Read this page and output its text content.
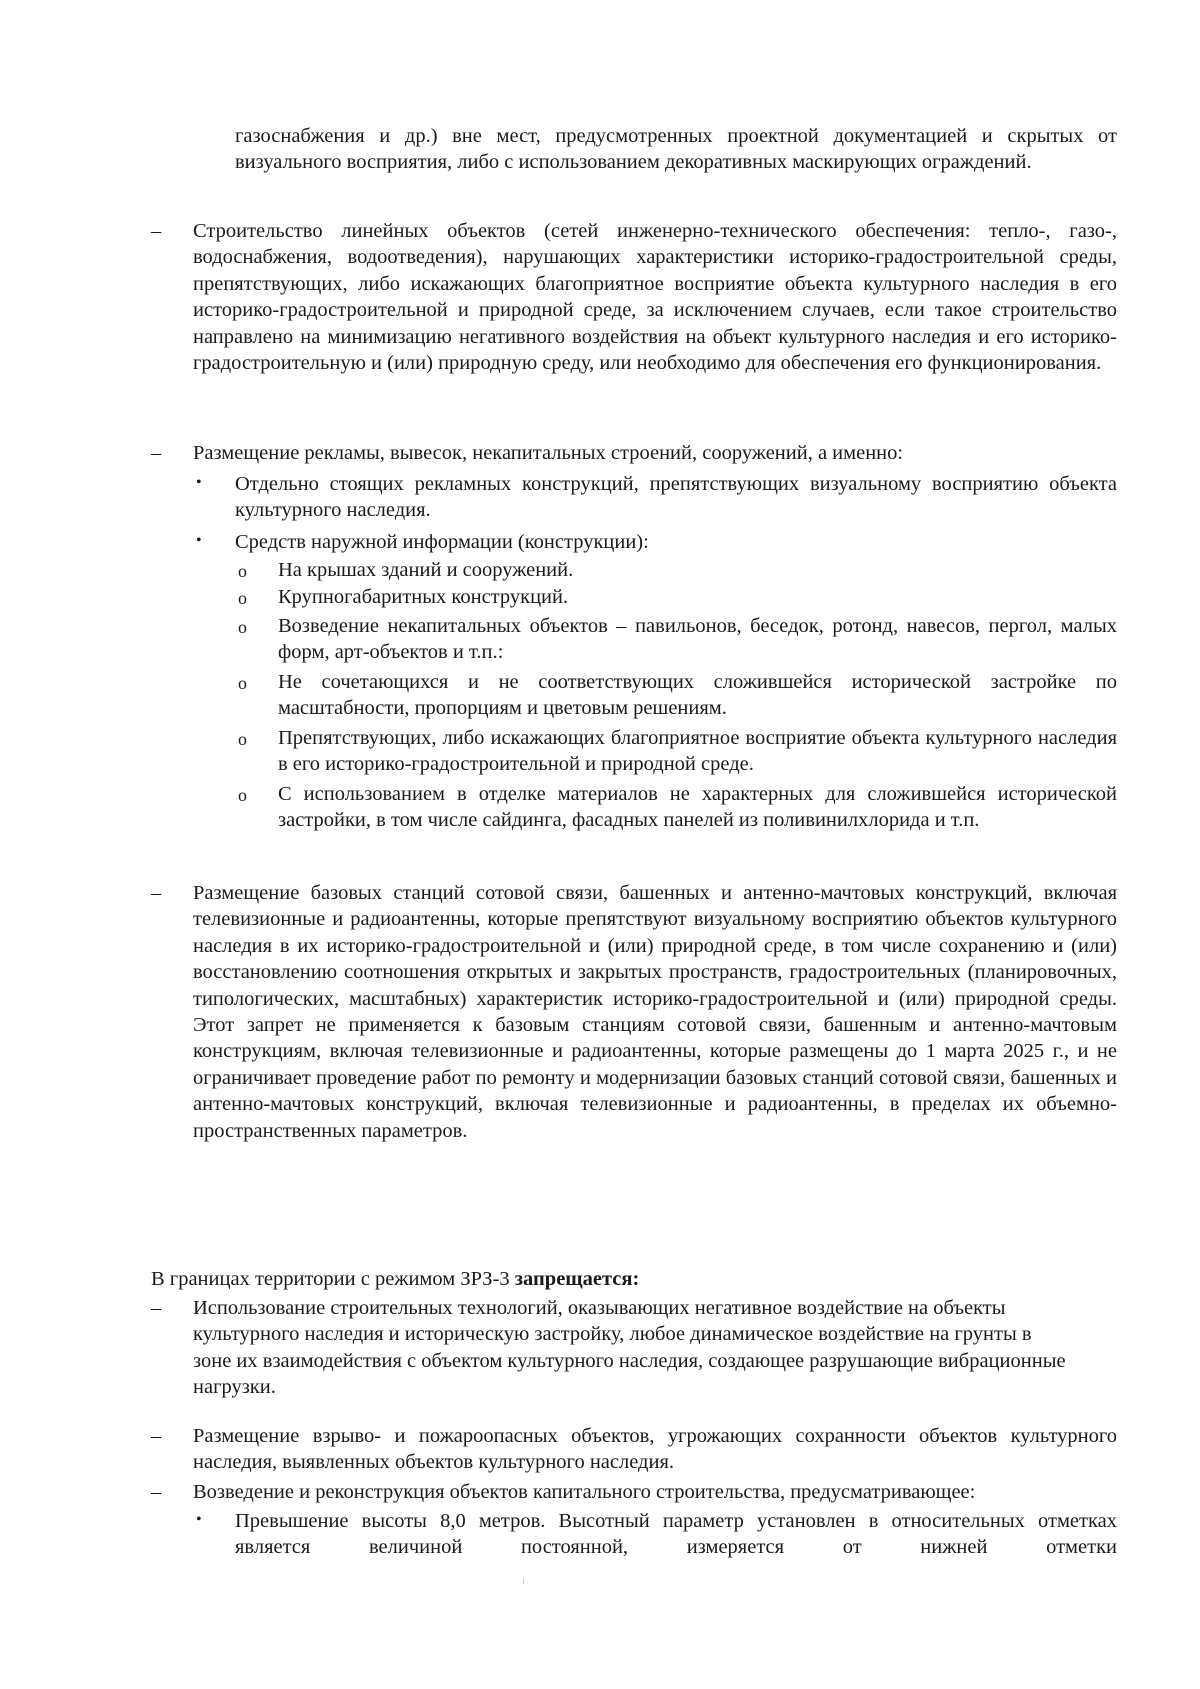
газоснабжения и др.) вне мест, предусмотренных проектной документацией и скрытых от визуального восприятия, либо с использованием декоративных маскирующих ограждений.

– Строительство линейных объектов (сетей инженерно-технического обеспечения: тепло-, газо-, водоснабжения, водоотведения), нарушающих характеристики историко-градостроительной среды, препятствующих, либо искажающих благоприятное восприятие объекта культурного наследия в его историко-градостроительной и природной среде, за исключением случаев, если такое строительство направлено на минимизацию негативного воздействия на объект культурного наследия и его историко-градостроительную и (или) природную среду, или необходимо для обеспечения его функционирования.

– Размещение рекламы, вывесок, некапитальных строений, сооружений, а именно:

• Отдельно стоящих рекламных конструкций, препятствующих визуальному восприятию объекта культурного наследия.

• Средств наружной информации (конструкции):

o На крышах зданий и сооружений.

o Крупногабаритных конструкций.

o Возведение некапитальных объектов – павильонов, беседок, ротонд, навесов, пергол, малых форм, арт-объектов и т.п.:

o Не сочетающихся и не соответствующих сложившейся исторической застройке по масштабности, пропорциям и цветовым решениям.

o Препятствующих, либо искажающих благоприятное восприятие объекта культурного наследия в его историко-градостроительной и природной среде.

o С использованием в отделке материалов не характерных для сложившейся исторической застройки, в том числе сайдинга, фасадных панелей из поливинилхлорида и т.п.

– Размещение базовых станций сотовой связи, башенных и антенно-мачтовых конструкций, включая телевизионные и радиоантенны, которые препятствуют визуальному восприятию объектов культурного наследия в их историко-градостроительной и (или) природной среде, в том числе сохранению и (или) восстановлению соотношения открытых и закрытых пространств, градостроительных (планировочных, типологических, масштабных) характеристик историко-градостроительной и (или) природной среды. Этот запрет не применяется к базовым станциям сотовой связи, башенным и антенно-мачтовым конструкциям, включая телевизионные и радиоантенны, которые размещены до 1 марта 2025 г., и не ограничивает проведение работ по ремонту и модернизации базовых станций сотовой связи, башенных и антенно-мачтовых конструкций, включая телевизионные и радиоантенны, в пределах их объемно-пространственных параметров.

В границах территории с режимом ЗРЗ-3 запрещается:

– Использование строительных технологий, оказывающих негативное воздействие на объекты культурного наследия и историческую застройку, любое динамическое воздействие на грунты в зоне их взаимодействия с объектом культурного наследия, создающее разрушающие вибрационные нагрузки.

– Размещение взрыво- и пожароопасных объектов, угрожающих сохранности объектов культурного наследия, выявленных объектов культурного наследия.

– Возведение и реконструкция объектов капитального строительства, предусматривающее:

• Превышение высоты 8,0 метров. Высотный параметр установлен в относительных отметках является величиной постоянной, измеряется от нижней отметки
